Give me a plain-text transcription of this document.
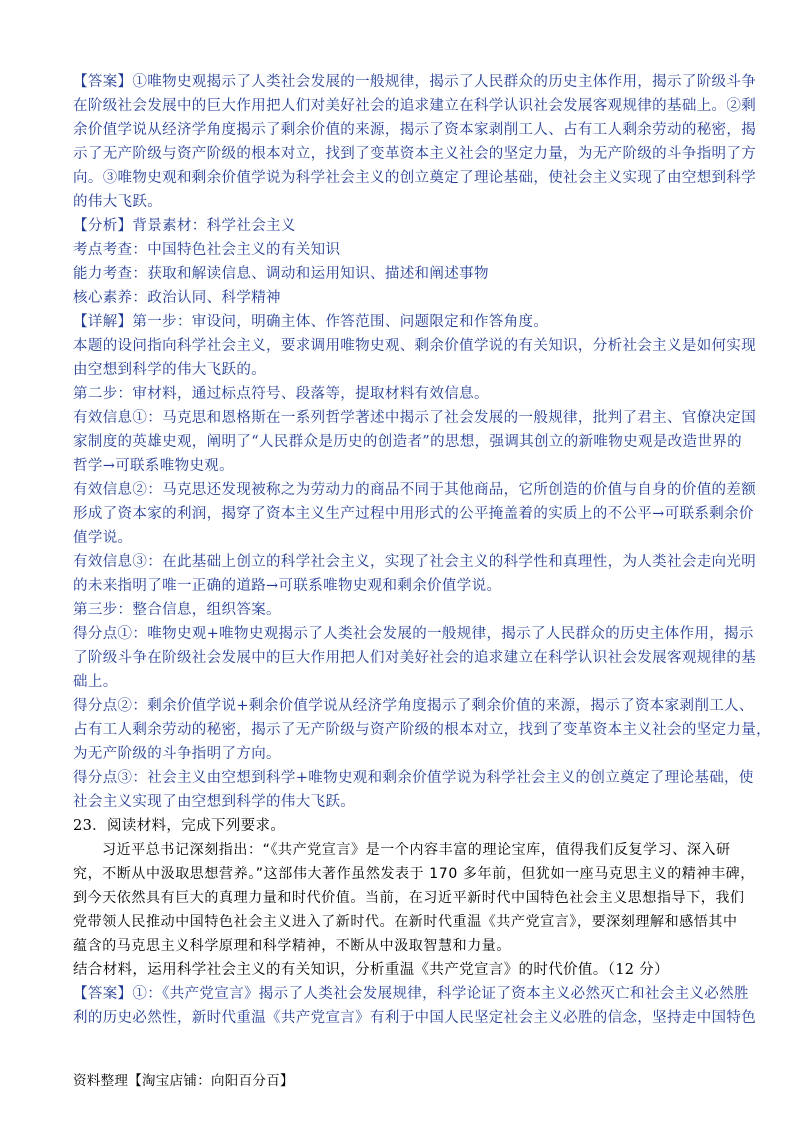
【答案】①唯物史观揭示了人类社会发展的一般规律，揭示了人民群众的历史主体作用，揭示了阶级斗争
在阶级社会发展中的巨大作用把人们对美好社会的追求建立在科学认识社会发展客观规律的基础上。②剩
余价值学说从经济学角度揭示了剩余价值的来源，揭示了资本家剥削工人、占有工人剩余劳动的秘密，揭
示了无产阶级与资产阶级的根本对立，找到了变革资本主义社会的坚定力量，为无产阶级的斗争指明了方
向。③唯物史观和剩余价值学说为科学社会主义的创立奠定了理论基础，使社会主义实现了由空想到科学
的伟大飞跃。
【分析】背景素材：科学社会主义
考点考查：中国特色社会主义的有关知识
能力考查：获取和解读信息、调动和运用知识、描述和阐述事物
核心素养：政治认同、科学精神
【详解】第一步：审设问，明确主体、作答范围、问题限定和作答角度。
本题的设问指向科学社会主义，要求调用唯物史观、剩余价值学说的有关知识，分析社会主义是如何实现
由空想到科学的伟大飞跃的。
第二步：审材料，通过标点符号、段落等，提取材料有效信息。
有效信息①：马克思和恩格斯在一系列哲学著述中揭示了社会发展的一般规律，批判了君主、官僚决定国
家制度的英雄史观，阐明了“人民群众是历史的创造者”的思想，强调其创立的新唯物史观是改造世界的
哲学→可联系唯物史观。
有效信息②：马克思还发现被称之为劳动力的商品不同于其他商品，它所创造的价值与自身的价值的差额
形成了资本家的利润，揭穿了资本主义生产过程中用形式的公平掩盖着的实质上的不公平→可联系剩余价
值学说。
有效信息③：在此基础上创立的科学社会主义，实现了社会主义的科学性和真理性，为人类社会走向光明
的未来指明了唯一正确的道路→可联系唯物史观和剩余价值学说。
第三步：整合信息，组织答案。
得分点①：唯物史观+唯物史观揭示了人类社会发展的一般规律，揭示了人民群众的历史主体作用，揭示
了阶级斗争在阶级社会发展中的巨大作用把人们对美好社会的追求建立在科学认识社会发展客观规律的基
础上。
得分点②：剩余价值学说+剩余价值学说从经济学角度揭示了剩余价值的来源，揭示了资本家剥削工人、
占有工人剩余劳动的秘密，揭示了无产阶级与资产阶级的根本对立，找到了变革资本主义社会的坚定力量，
为无产阶级的斗争指明了方向。
得分点③：社会主义由空想到科学+唯物史观和剩余价值学说为科学社会主义的创立奠定了理论基础，使
社会主义实现了由空想到科学的伟大飞跃。
23．阅读材料，完成下列要求。
习近平总书记深刻指出：“《共产党宣言》是一个内容丰富的理论宝库，值得我们反复学习、深入研
究，不断从中汲取思想营养。”这部伟大著作虽然发表于 170 多年前，但犹如一座马克思主义的精神丰碑，
到今天依然具有巨大的真理力量和时代价值。当前，在习近平新时代中国特色社会主义思想指导下，我们
党带领人民推动中国特色社会主义进入了新时代。在新时代重温《共产党宣言》，要深刻理解和感悟其中
蕴含的马克思主义科学原理和科学精神，不断从中汲取智慧和力量。
结合材料，运用科学社会主义的有关知识，分析重温《共产党宣言》的时代价值。（12 分）
【答案】①：《共产党宣言》揭示了人类社会发展规律，科学论证了资本主义必然灭亡和社会主义必然胜
利的历史必然性，新时代重温《共产党宣言》有利于中国人民坚定社会主义必胜的信念，坚持走中国特色
资料整理【淘宝店铺：向阳百分百】
